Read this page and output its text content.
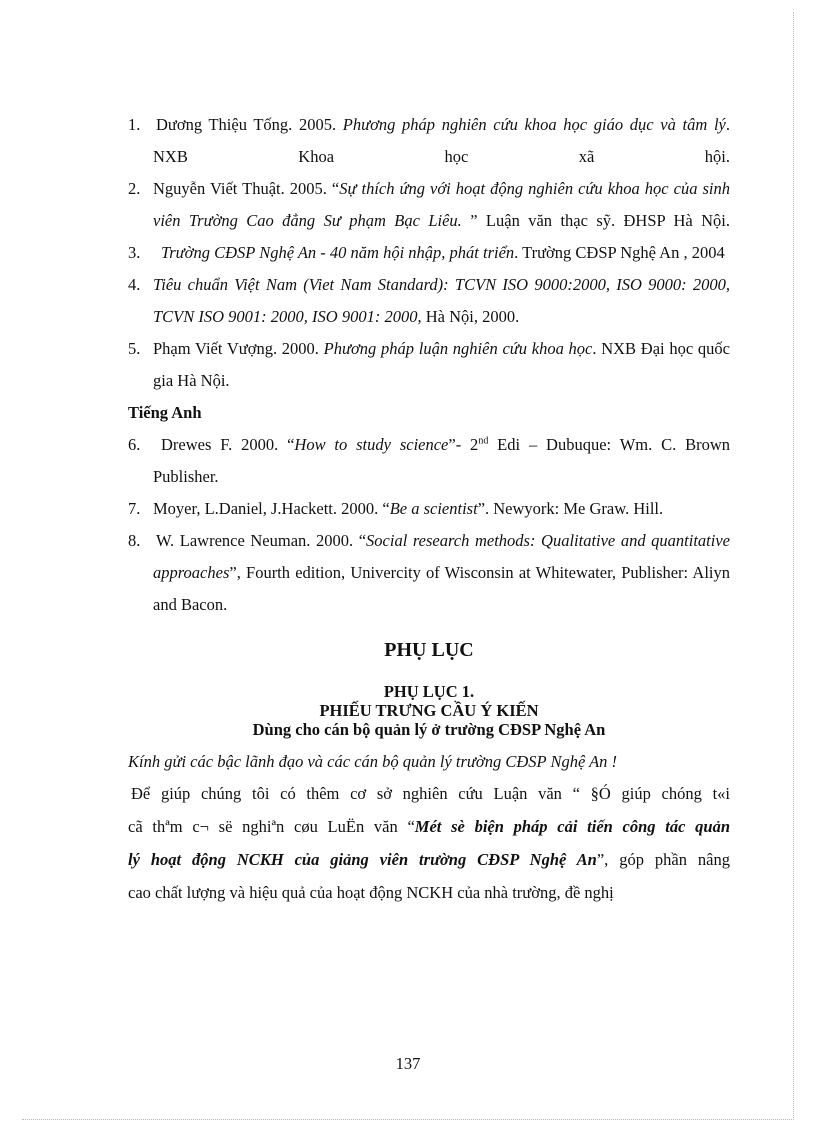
1. Dương Thiệu Tống. 2005. Phương pháp nghiên cứu khoa học giáo dục và tâm lý. NXB Khoa học xã hội.
2. Nguyễn Viết Thuật. 2005. “Sự thích ứng với hoạt động nghiên cứu khoa học của sinh viên Trường Cao đẳng Sư phạm Bạc Liêu. ” Luận văn thạc sỹ. ĐHSP Hà Nội.
3.	Trường CĐSP Nghệ An - 40 năm hội nhập, phát triển. Trường CĐSP Nghệ An , 2004
4. Tiêu chuẩn Việt Nam (Viet Nam Standard): TCVN ISO 9000:2000, ISO 9000: 2000, TCVN ISO 9001: 2000, ISO 9001: 2000, Hà Nội, 2000.
5. Phạm Viết Vượng. 2000. Phương pháp luận nghiên cứu khoa học. NXB Đại học quốc gia Hà Nội.

Tiếng Anh

6.	Drewes F. 2000. “How to study science”- 2nd Edi – Dubuque: Wm. C. Brown Publisher.
7. Moyer, L.Daniel, J.Hackett. 2000. “Be a scientist”. Newyork: Me Graw. Hill.
8. W. Lawrence Neuman. 2000. “Social research methods: Qualitative and quantitative approaches”, Fourth edition, Univercity of Wisconsin at Whitewater, Publisher: Aliyn and Bacon.
PHỤ LỤC
PHỤ LỤC 1.
PHIẾU TRƯNG CẦU Ý KIẾN
Dùng cho cán bộ quản lý ở trường CĐSP Nghệ An
Kính gửi các bậc lãnh đạo và các cán bộ quản lý trường CĐSP Nghệ An !
Để giúp chúng tôi có thêm cơ sở nghiên cứu Luận văn “ §Ó giúp chóng t«i
cã thªm c¬ së nghiªn cøu LuËn văn “Mét sè biện pháp cải tiến công tác quản
lý hoạt động NCKH của giảng viên trường CĐSP Nghệ An”, góp phần nâng
cao chất lượng và hiệu quả của hoạt động NCKH của nhà trường, đề nghị
137
